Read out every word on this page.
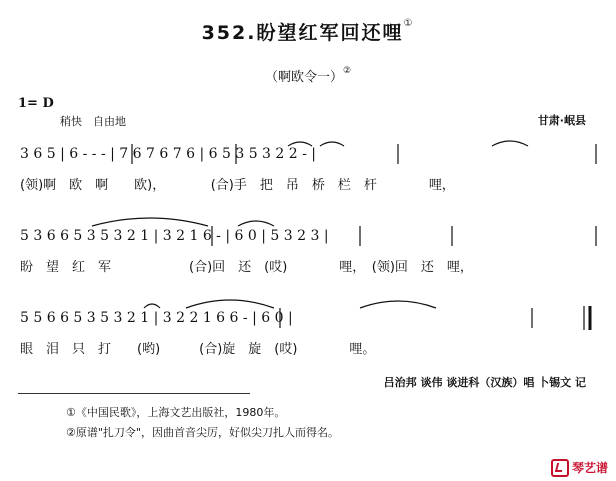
352.盼望红军回还哩①
（啊欧令一）②
1= D
稍快　自由地	甘肃·岷县
3 6 5 | 6 - - - | 7 6 7 6 7 6 | 6 5 3 5 3 2 2 - |
(领)啊　欧　啊　　欧)，　　　　(合)手　把　吊　桥　栏　杆　　　　哩，
5 3 6 6 5 3 5 3 2 1 | 3 2 1 6 - | 6 0 | 5 3 2 3 |
盼　望　红　军　　　　　　(合)回　还　(哎)　　　　哩，　(领)回　还　哩，
5 5 6 6 5 3 5 3 2 1 | 3 2 2 1 6 6 - | 6 0 |
眼　泪　只　打　　(哟)　　　(合)旋　旋　(哎)　　　　哩。
吕治邦 谈伟 谈进科（汉族）唱 卜锡文 记
①《中国民歌》，上海文艺出版社，1980年。
②原谱"扎刀令"，因曲首音尖厉，好似尖刀扎人而得名。
琴艺谱
